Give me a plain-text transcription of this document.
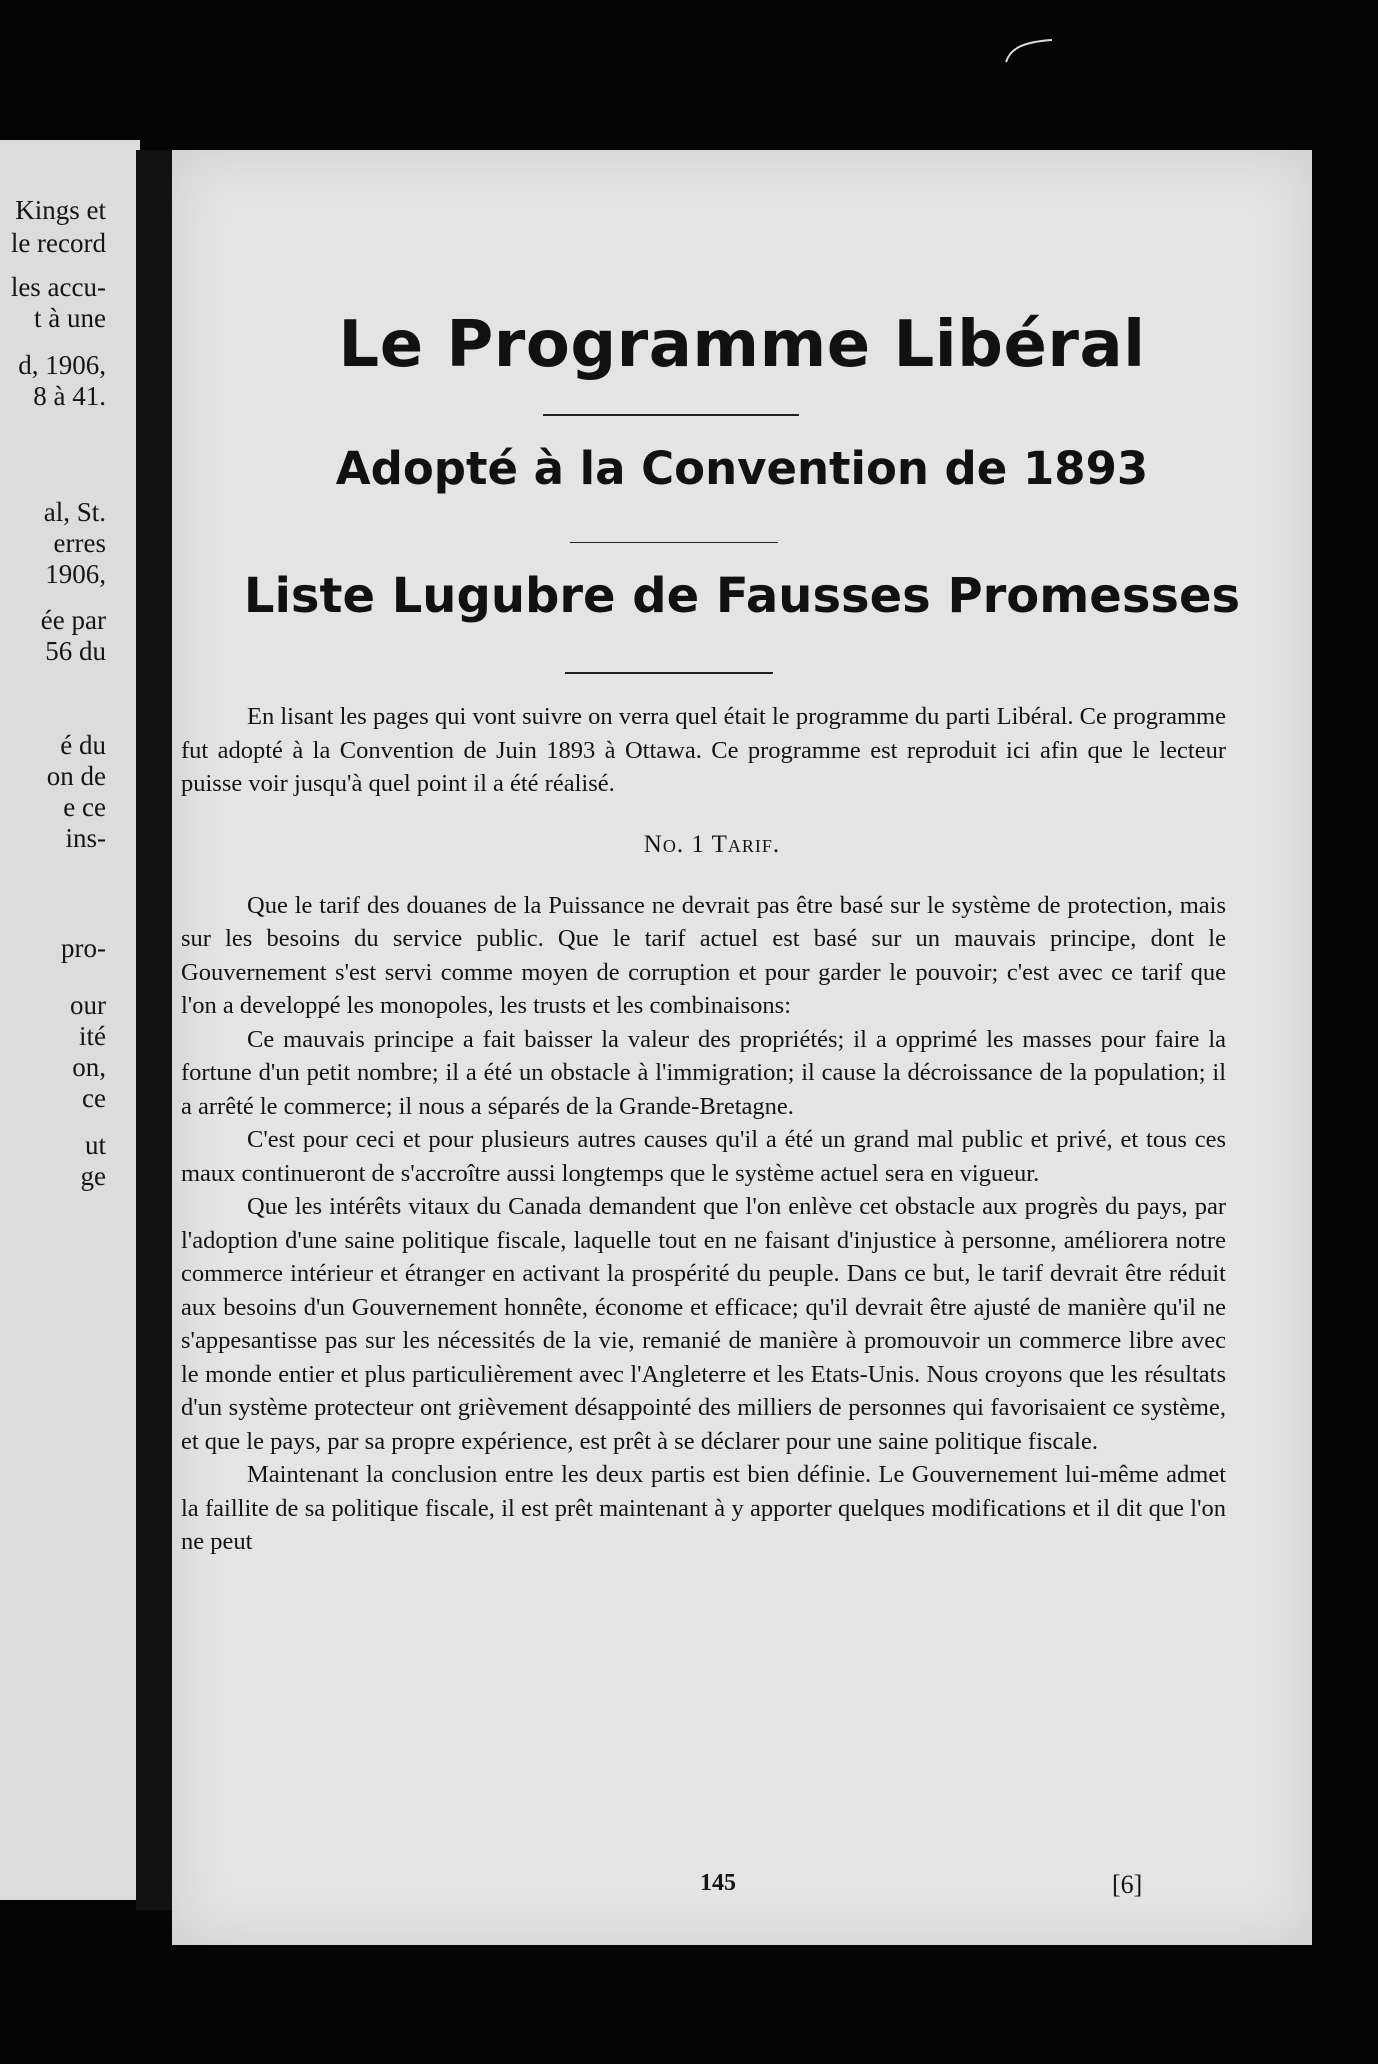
Kings et
le record
les accu-
t à une
d, 1906,
8 à 41.
al, St.
erres
1906,
ée par
56 du
é du
on de
e ce
ins-
pro-
our
ité
on,
ce
ut
ge
Le Programme Libéral
Adopté à la Convention de 1893
Liste Lugubre de Fausses Promesses

En lisant les pages qui vont suivre on verra quel était le programme du parti Libéral. Ce programme fut adopté à la Convention de Juin 1893 à Ottawa. Ce programme est reproduit ici afin que le lecteur puisse voir jusqu'à quel point il a été réalisé.

No. 1 Tarif.

Que le tarif des douanes de la Puissance ne devrait pas être basé sur le système de protection, mais sur les besoins du service public. Que le tarif actuel est basé sur un mauvais principe, dont le Gouvernement s'est servi comme moyen de corruption et pour garder le pouvoir; c'est avec ce tarif que l'on a developpé les monopoles, les trusts et les combinaisons:

Ce mauvais principe a fait baisser la valeur des propriétés; il a opprimé les masses pour faire la fortune d'un petit nombre; il a été un obstacle à l'immigration; il cause la décroissance de la population; il a arrêté le commerce; il nous a séparés de la Grande-Bretagne.

C'est pour ceci et pour plusieurs autres causes qu'il a été un grand mal public et privé, et tous ces maux continueront de s'accroître aussi longtemps que le système actuel sera en vigueur.

Que les intérêts vitaux du Canada demandent que l'on enlève cet obstacle aux progrès du pays, par l'adoption d'une saine politique fiscale, laquelle tout en ne faisant d'injustice à personne, améliorera notre commerce intérieur et étranger en activant la prospérité du peuple. Dans ce but, le tarif devrait être réduit aux besoins d'un Gouvernement honnête, économe et efficace; qu'il devrait être ajusté de manière qu'il ne s'appesantisse pas sur les nécessités de la vie, remanié de manière à promouvoir un commerce libre avec le monde entier et plus particulièrement avec l'Angleterre et les Etats-Unis. Nous croyons que les résultats d'un système protecteur ont grièvement désappointé des milliers de personnes qui favorisaient ce système, et que le pays, par sa propre expérience, est prêt à se déclarer pour une saine politique fiscale.

Maintenant la conclusion entre les deux partis est bien définie. Le Gouvernement lui-même admet la faillite de sa politique fiscale, il est prêt maintenant à y apporter quelques modifications et il dit que l'on ne peut

145	[6]
